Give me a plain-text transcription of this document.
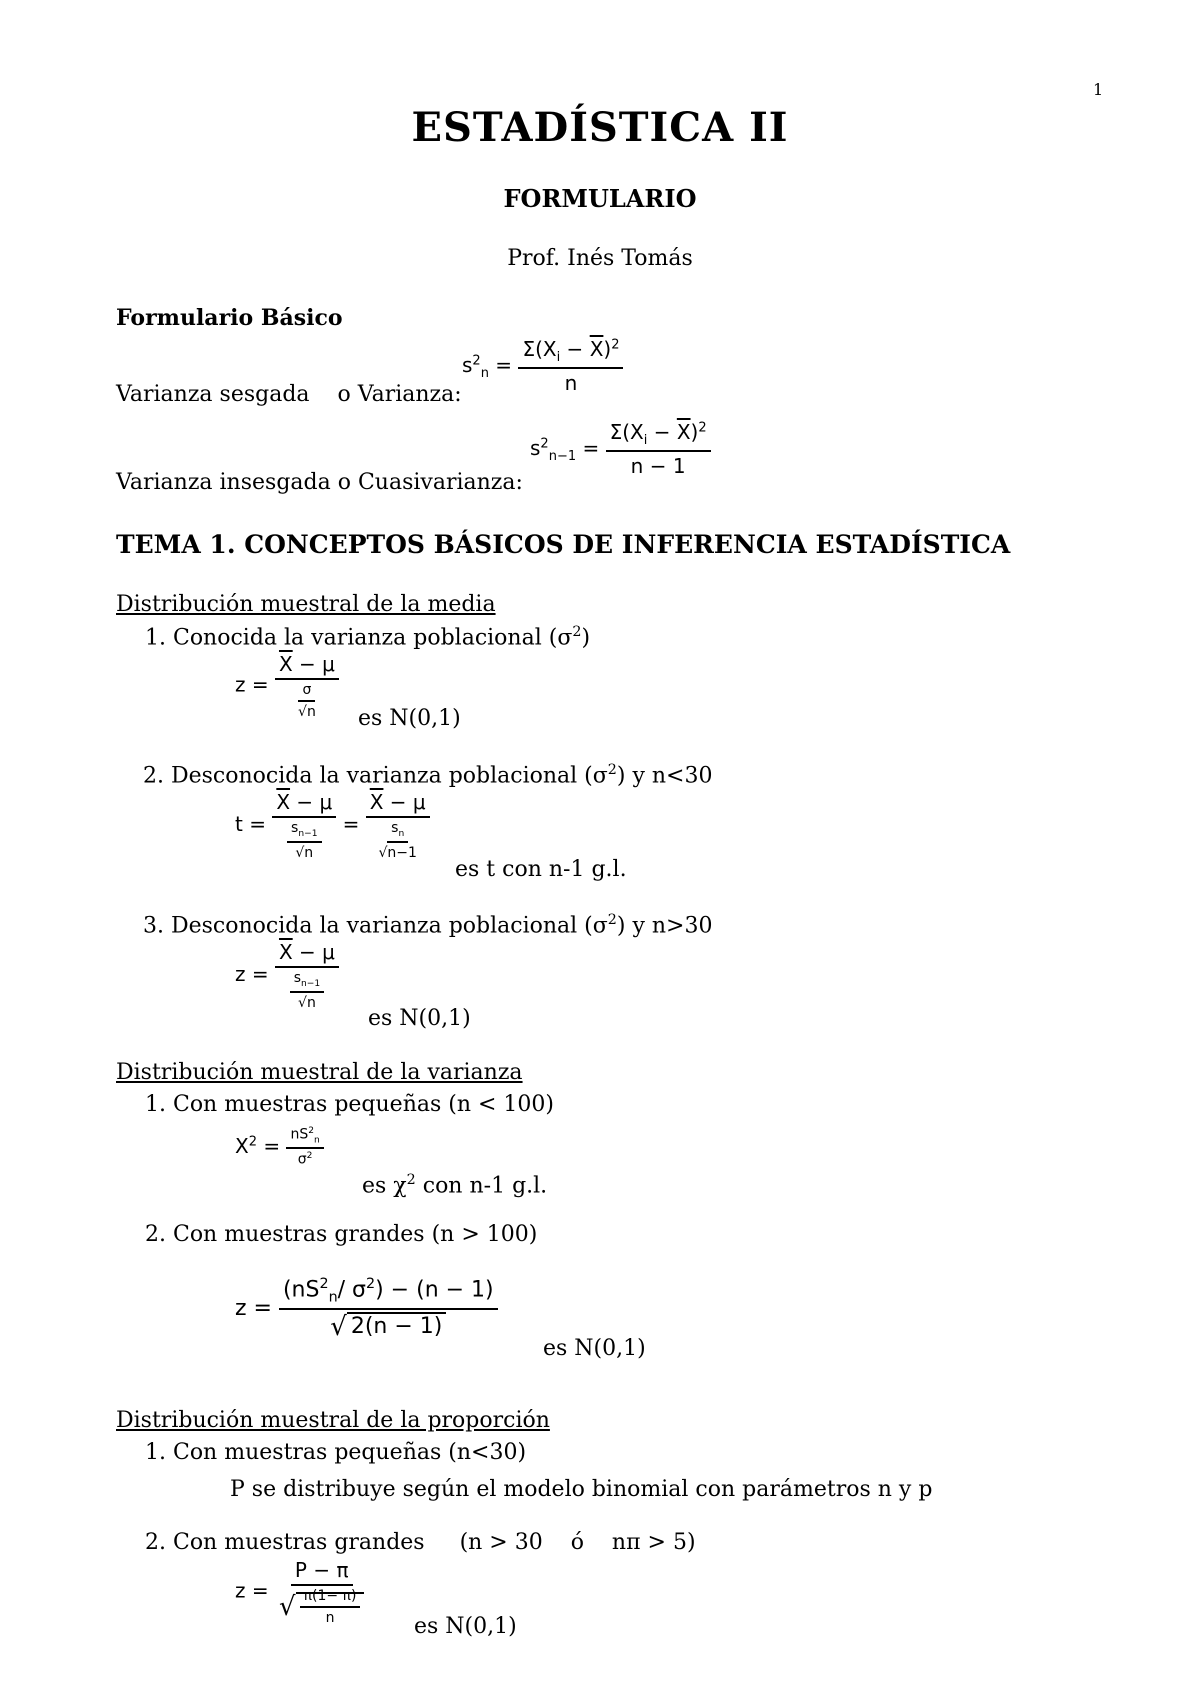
1
ESTADÍSTICA II
FORMULARIO
Prof. Inés Tomás
Formulario Básico
Varianza sesgada    o Varianza:
$s^2_n = \frac{\Sigma(X_i - \overline{X})^2}{n}$
Varianza insesgada o Cuasivarianza:
$s^2_{n-1} = \frac{\Sigma(X_i - \overline{X})^2}{n - 1}$
TEMA 1. CONCEPTOS BÁSICOS DE INFERENCIA ESTADÍSTICA
Distribución muestral de la media
1. Conocida la varianza poblacional $(\sigma^2)$
$z = \frac{\overline{X} - \mu}{\frac{\sigma}{√n}}$ es N(0,1)
2. Desconocida la varianza poblacional $(\sigma^2)$ y n<30
$t = \frac{\overline{X} - \mu}{\frac{s_{n-1}}{√n}} = \frac{\overline{X} - \mu}{\frac{s_n}{√n-1}}$
es t con n-1 g.l.
3. Desconocida la varianza poblacional $(\sigma^2)$ y n>30
$z = \frac{\overline{X} - \mu}{\frac{s_{n-1}}{√n}}$
es N(0,1)
Distribución muestral de la varianza
1. Con muestras pequeñas (n < 100)
$X^2 = \frac{nS^2_n}{\sigma^2}$
es $\chi^2$ con n-1 g.l.
2. Con muestras grandes (n > 100)
$z = \frac{(nS^2_n/ \sigma^2) - (n - 1)}{√ 2(n - 1)}$
es N(0,1)
Distribución muestral de la proporción
1. Con muestras pequeñas (n<30)
P se distribuye según el modelo binomial con parámetros n y p
2. Con muestras grandes     (n > 30    ó    nπ > 5)
$z = \frac{P - \pi}{√ \frac{\pi(1- \pi)}{n}}$
es N(0,1)
